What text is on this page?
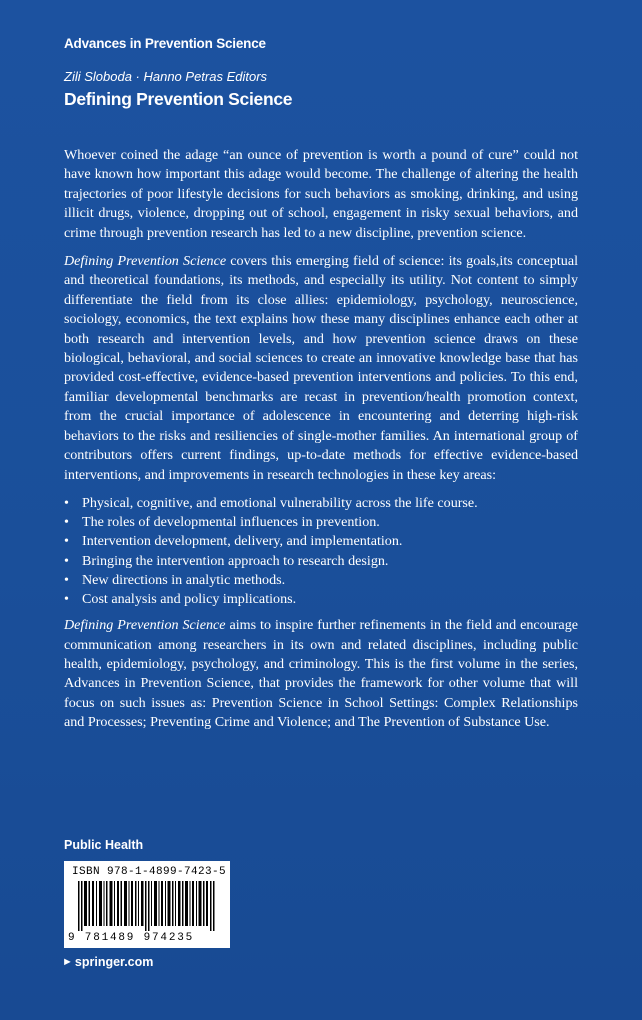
Advances in Prevention Science
Zili Sloboda · Hanno Petras Editors
Defining Prevention Science

Whoever coined the adage “an ounce of prevention is worth a pound of cure” could not have known how important this adage would become. The challenge of altering the health trajectories of poor lifestyle decisions for such behaviors as smoking, drinking, and using illicit drugs, violence, dropping out of school, engagement in risky sexual behaviors, and crime through prevention research has led to a new discipline, prevention science.

Defining Prevention Science covers this emerging field of science: its goals,its conceptual and theoretical foundations, its methods, and especially its utility. Not content to simply differentiate the field from its close allies: epidemiology, psychology, neuroscience, sociology, economics, the text explains how these many disciplines enhance each other at both research and intervention levels, and how prevention science draws on these biological, behavioral, and social sciences to create an innovative knowledge base that has provided cost-effective, evidence-based prevention interventions and policies. To this end, familiar developmental benchmarks are recast in prevention/health promotion context, from the crucial importance of adolescence in encountering and deterring high-risk behaviors to the risks and resiliencies of single-mother families. An international group of contributors offers current findings, up-to-date methods for effective evidence-based interventions, and improvements in research technologies in these key areas:

• Physical, cognitive, and emotional vulnerability across the life course.
• The roles of developmental influences in prevention.
• Intervention development, delivery, and implementation.
• Bringing the intervention approach to research design.
• New directions in analytic methods.
• Cost analysis and policy implications.

Defining Prevention Science aims to inspire further refinements in the field and encourage communication among researchers in its own and related disciplines, including public health, epidemiology, psychology, and criminology. This is the first volume in the series, Advances in Prevention Science, that provides the framework for other volume that will focus on such issues as: Prevention Science in School Settings: Complex Relationships and Processes; Preventing Crime and Violence; and The Prevention of Substance Use.

Public Health
ISBN 978-1-4899-7423-5
9 781489 974235
► springer.com
